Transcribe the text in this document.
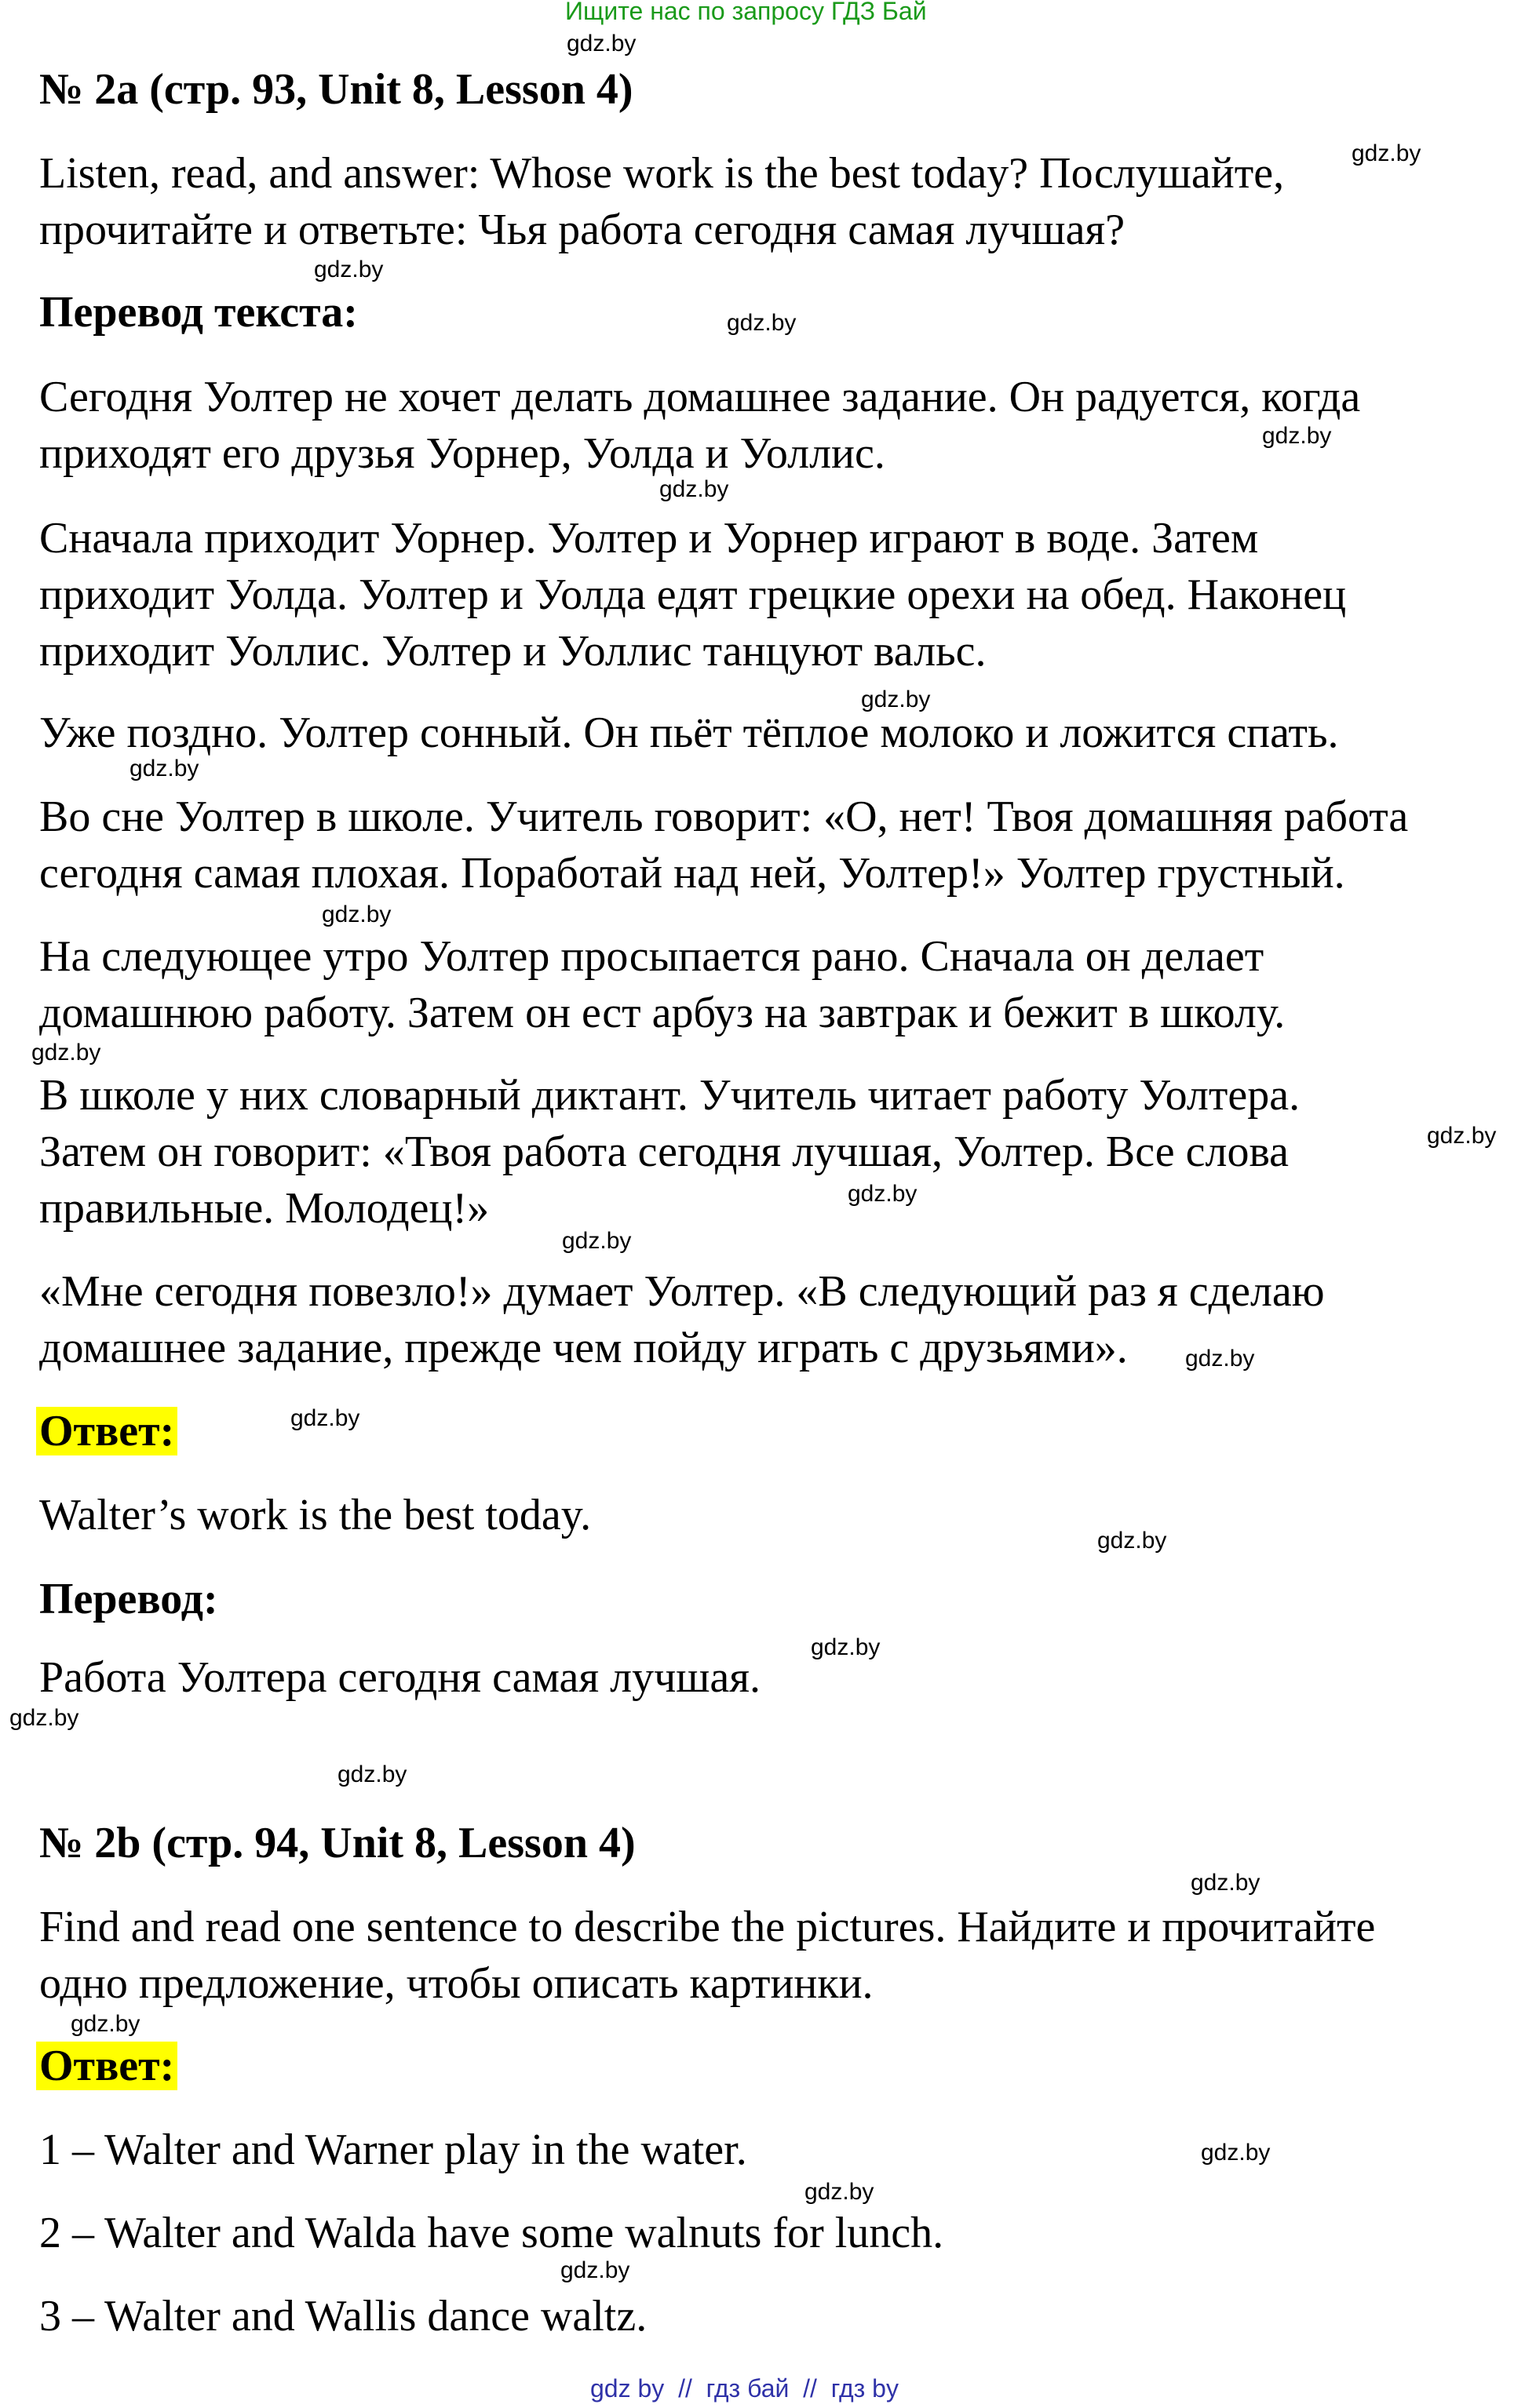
Ищите нас по запросу ГДЗ Бай
gdz.by
№ 2a (стр. 93, Unit 8, Lesson 4)
Listen, read, and answer: Whose work is the best today? Послушайте,
прочитайте и ответьте: Чья работа сегодня самая лучшая?
gdz.by
gdz.by
Перевод текста:	gdz.by
Сегодня Уолтер не хочет делать домашнее задание. Он радуется, когда
приходят его друзья Уорнер, Уолда и Уоллис.	gdz.by
gdz.by
Сначала приходит Уорнер. Уолтер и Уорнер играют в воде. Затем
приходит Уолда. Уолтер и Уолда едят грецкие орехи на обед. Наконец
приходит Уоллис. Уолтер и Уоллис танцуют вальс.
gdz.by
Уже поздно. Уолтер сонный. Он пьёт тёплое молоко и ложится спать.
gdz.by
Во сне Уолтер в школе. Учитель говорит: «О, нет! Твоя домашняя работа
сегодня самая плохая. Поработай над ней, Уолтер!» Уолтер грустный.
gdz.by
На следующее утро Уолтер просыпается рано. Сначала он делает
домашнюю работу. Затем он ест арбуз на завтрак и бежит в школу.
gdz.by
В школе у них словарный диктант. Учитель читает работу Уолтера.
Затем он говорит: «Твоя работа сегодня лучшая, Уолтер. Все слова
правильные. Молодец!»
gdz.by
gdz.by
gdz.by
«Мне сегодня повезло!» думает Уолтер. «В следующий раз я сделаю
домашнее задание, прежде чем пойду играть с друзьями». gdz.by
Ответ:	gdz.by
Walter’s work is the best today.
gdz.by
Перевод:
gdz.by
Работа Уолтера сегодня самая лучшая.
gdz.by
gdz.by
№ 2b (стр. 94, Unit 8, Lesson 4)
gdz.by
Find and read one sentence to describe the pictures. Найдите и прочитайте
одно предложение, чтобы описать картинки.
gdz.by
Ответ:
1 – Walter and Warner play in the water.	gdz.by
gdz.by
2 – Walter and Walda have some walnuts for lunch.
gdz.by
3 – Walter and Wallis dance waltz.
gdz by  //  гдз бай  //  гдз by
